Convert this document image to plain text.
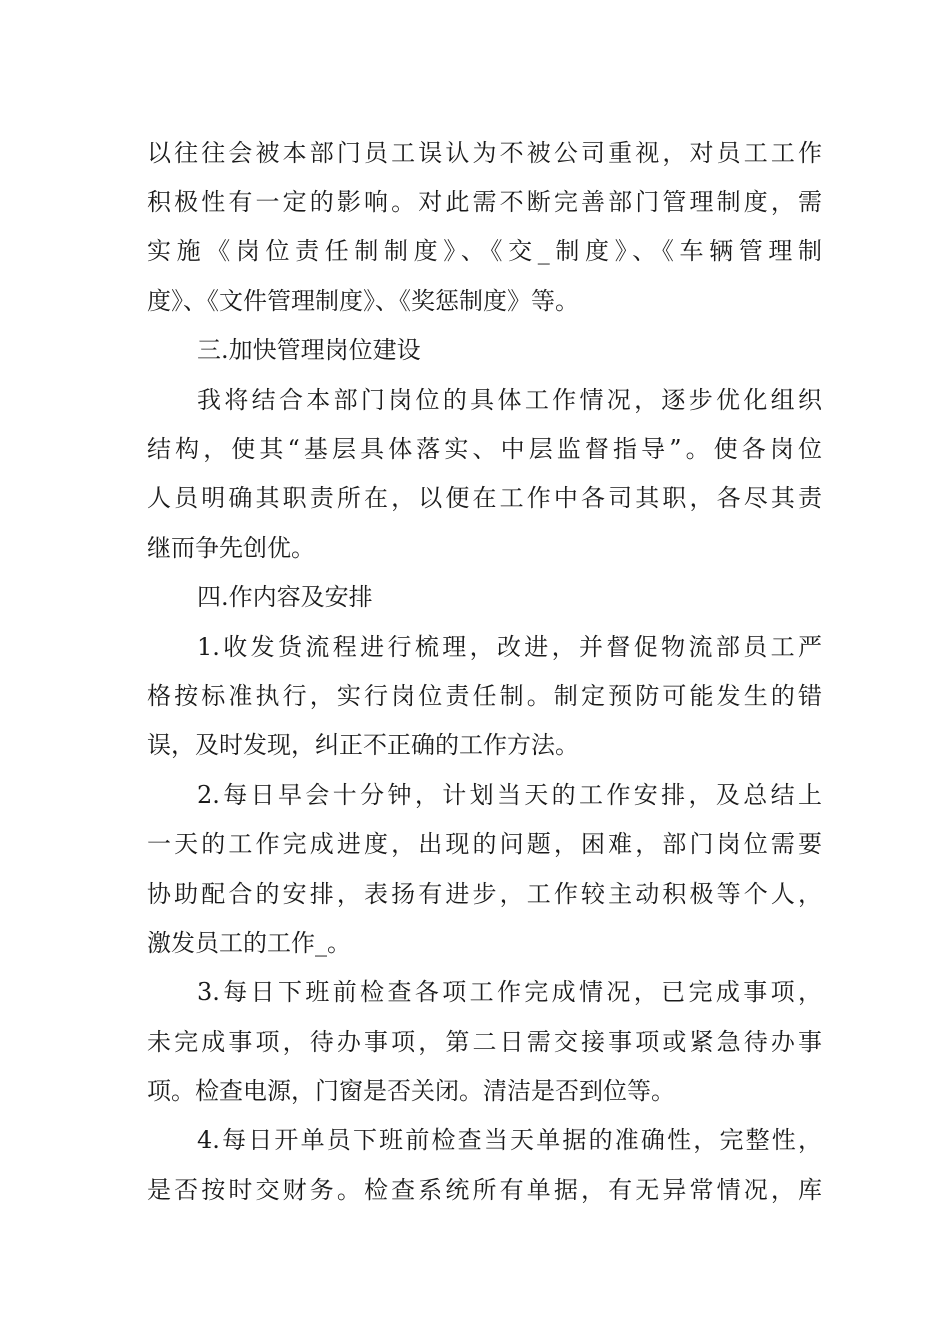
以往往会被本部门员工误认为不被公司重视，对员工工作
积极性有一定的影响。对此需不断完善部门管理制度，需
实施《岗位责任制制度》、《交_制度》、《车辆管理制
度》、《文件管理制度》、《奖惩制度》等。
三.加快管理岗位建设
我将结合本部门岗位的具体工作情况，逐步优化组织
结构，使其“基层具体落实、中层监督指导”。使各岗位
人员明确其职责所在，以便在工作中各司其职，各尽其责
继而争先创优。
四.作内容及安排
1.收发货流程进行梳理，改进，并督促物流部员工严
格按标准执行，实行岗位责任制。制定预防可能发生的错
误，及时发现，纠正不正确的工作方法。
2.每日早会十分钟，计划当天的工作安排，及总结上
一天的工作完成进度，出现的问题，困难，部门岗位需要
协助配合的安排，表扬有进步，工作较主动积极等个人，
激发员工的工作_。
3.每日下班前检查各项工作完成情况，已完成事项，
未完成事项，待办事项，第二日需交接事项或紧急待办事
项。检查电源，门窗是否关闭。清洁是否到位等。
4.每日开单员下班前检查当天单据的准确性，完整性，
是否按时交财务。检查系统所有单据，有无异常情况，库
